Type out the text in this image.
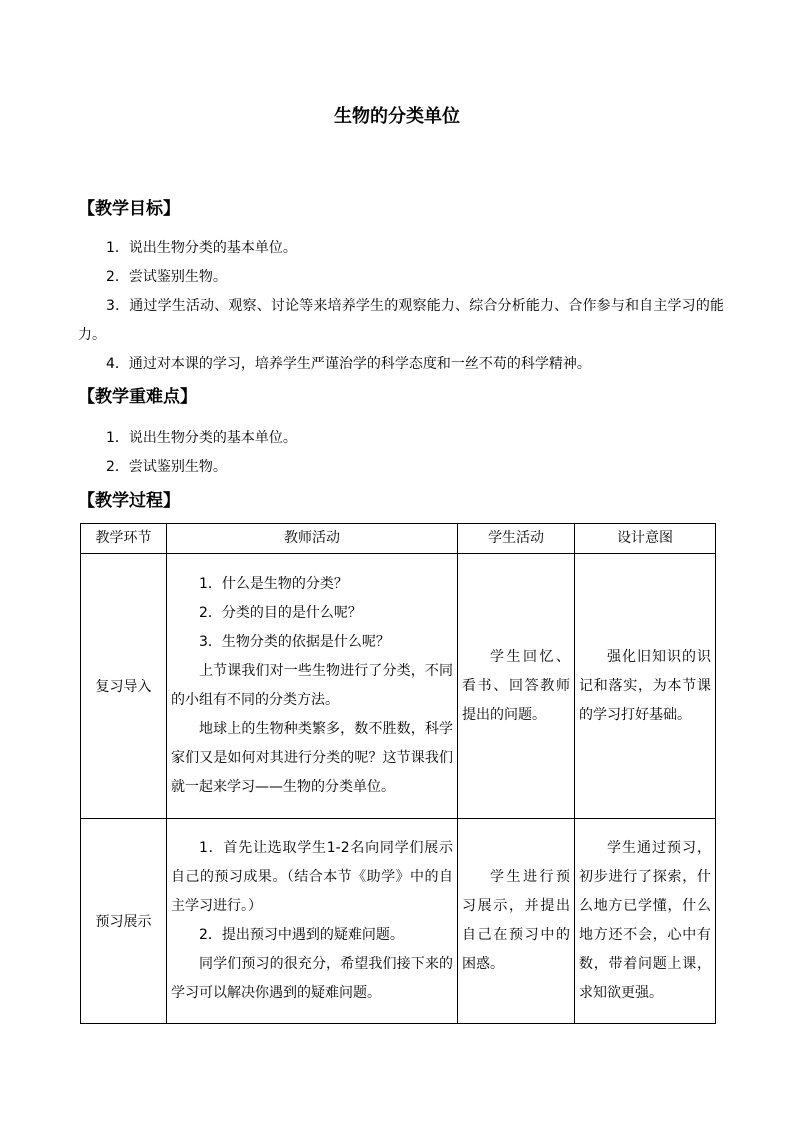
生物的分类单位
【教学目标】
1．说出生物分类的基本单位。
2．尝试鉴别生物。
3．通过学生活动、观察、讨论等来培养学生的观察能力、综合分析能力、合作参与和自主学习的能力。
4．通过对本课的学习，培养学生严谨治学的科学态度和一丝不苟的科学精神。
【教学重难点】
1．说出生物分类的基本单位。
2．尝试鉴别生物。
【教学过程】
教学环节	教师活动	学生活动	设计意图
复习导入	1．什么是生物的分类？

2．分类的目的是什么呢？

3．生物分类的依据是什么呢？

上节课我们对一些生物进行了分类，不同的小组有不同的分类方法。

地球上的生物种类繁多，数不胜数，科学家们又是如何对其进行分类的呢？这节课我们就一起来学习——生物的分类单位。	学生回忆、看书、回答教师提出的问题。	强化旧知识的识记和落实，为本节课的学习打好基础。

预习展示	1．首先让选取学生1-2名向同学们展示自己的预习成果。（结合本节《助学》中的自主学习进行。）

2．提出预习中遇到的疑难问题。

同学们预习的很充分，希望我们接下来的学习可以解决你遇到的疑难问题。	学生进行预习展示，并提出自己在预习中的困惑。	学生通过预习，初步进行了探索，什么地方已学懂，什么地方还不会，心中有数，带着问题上课，求知欲更强。
